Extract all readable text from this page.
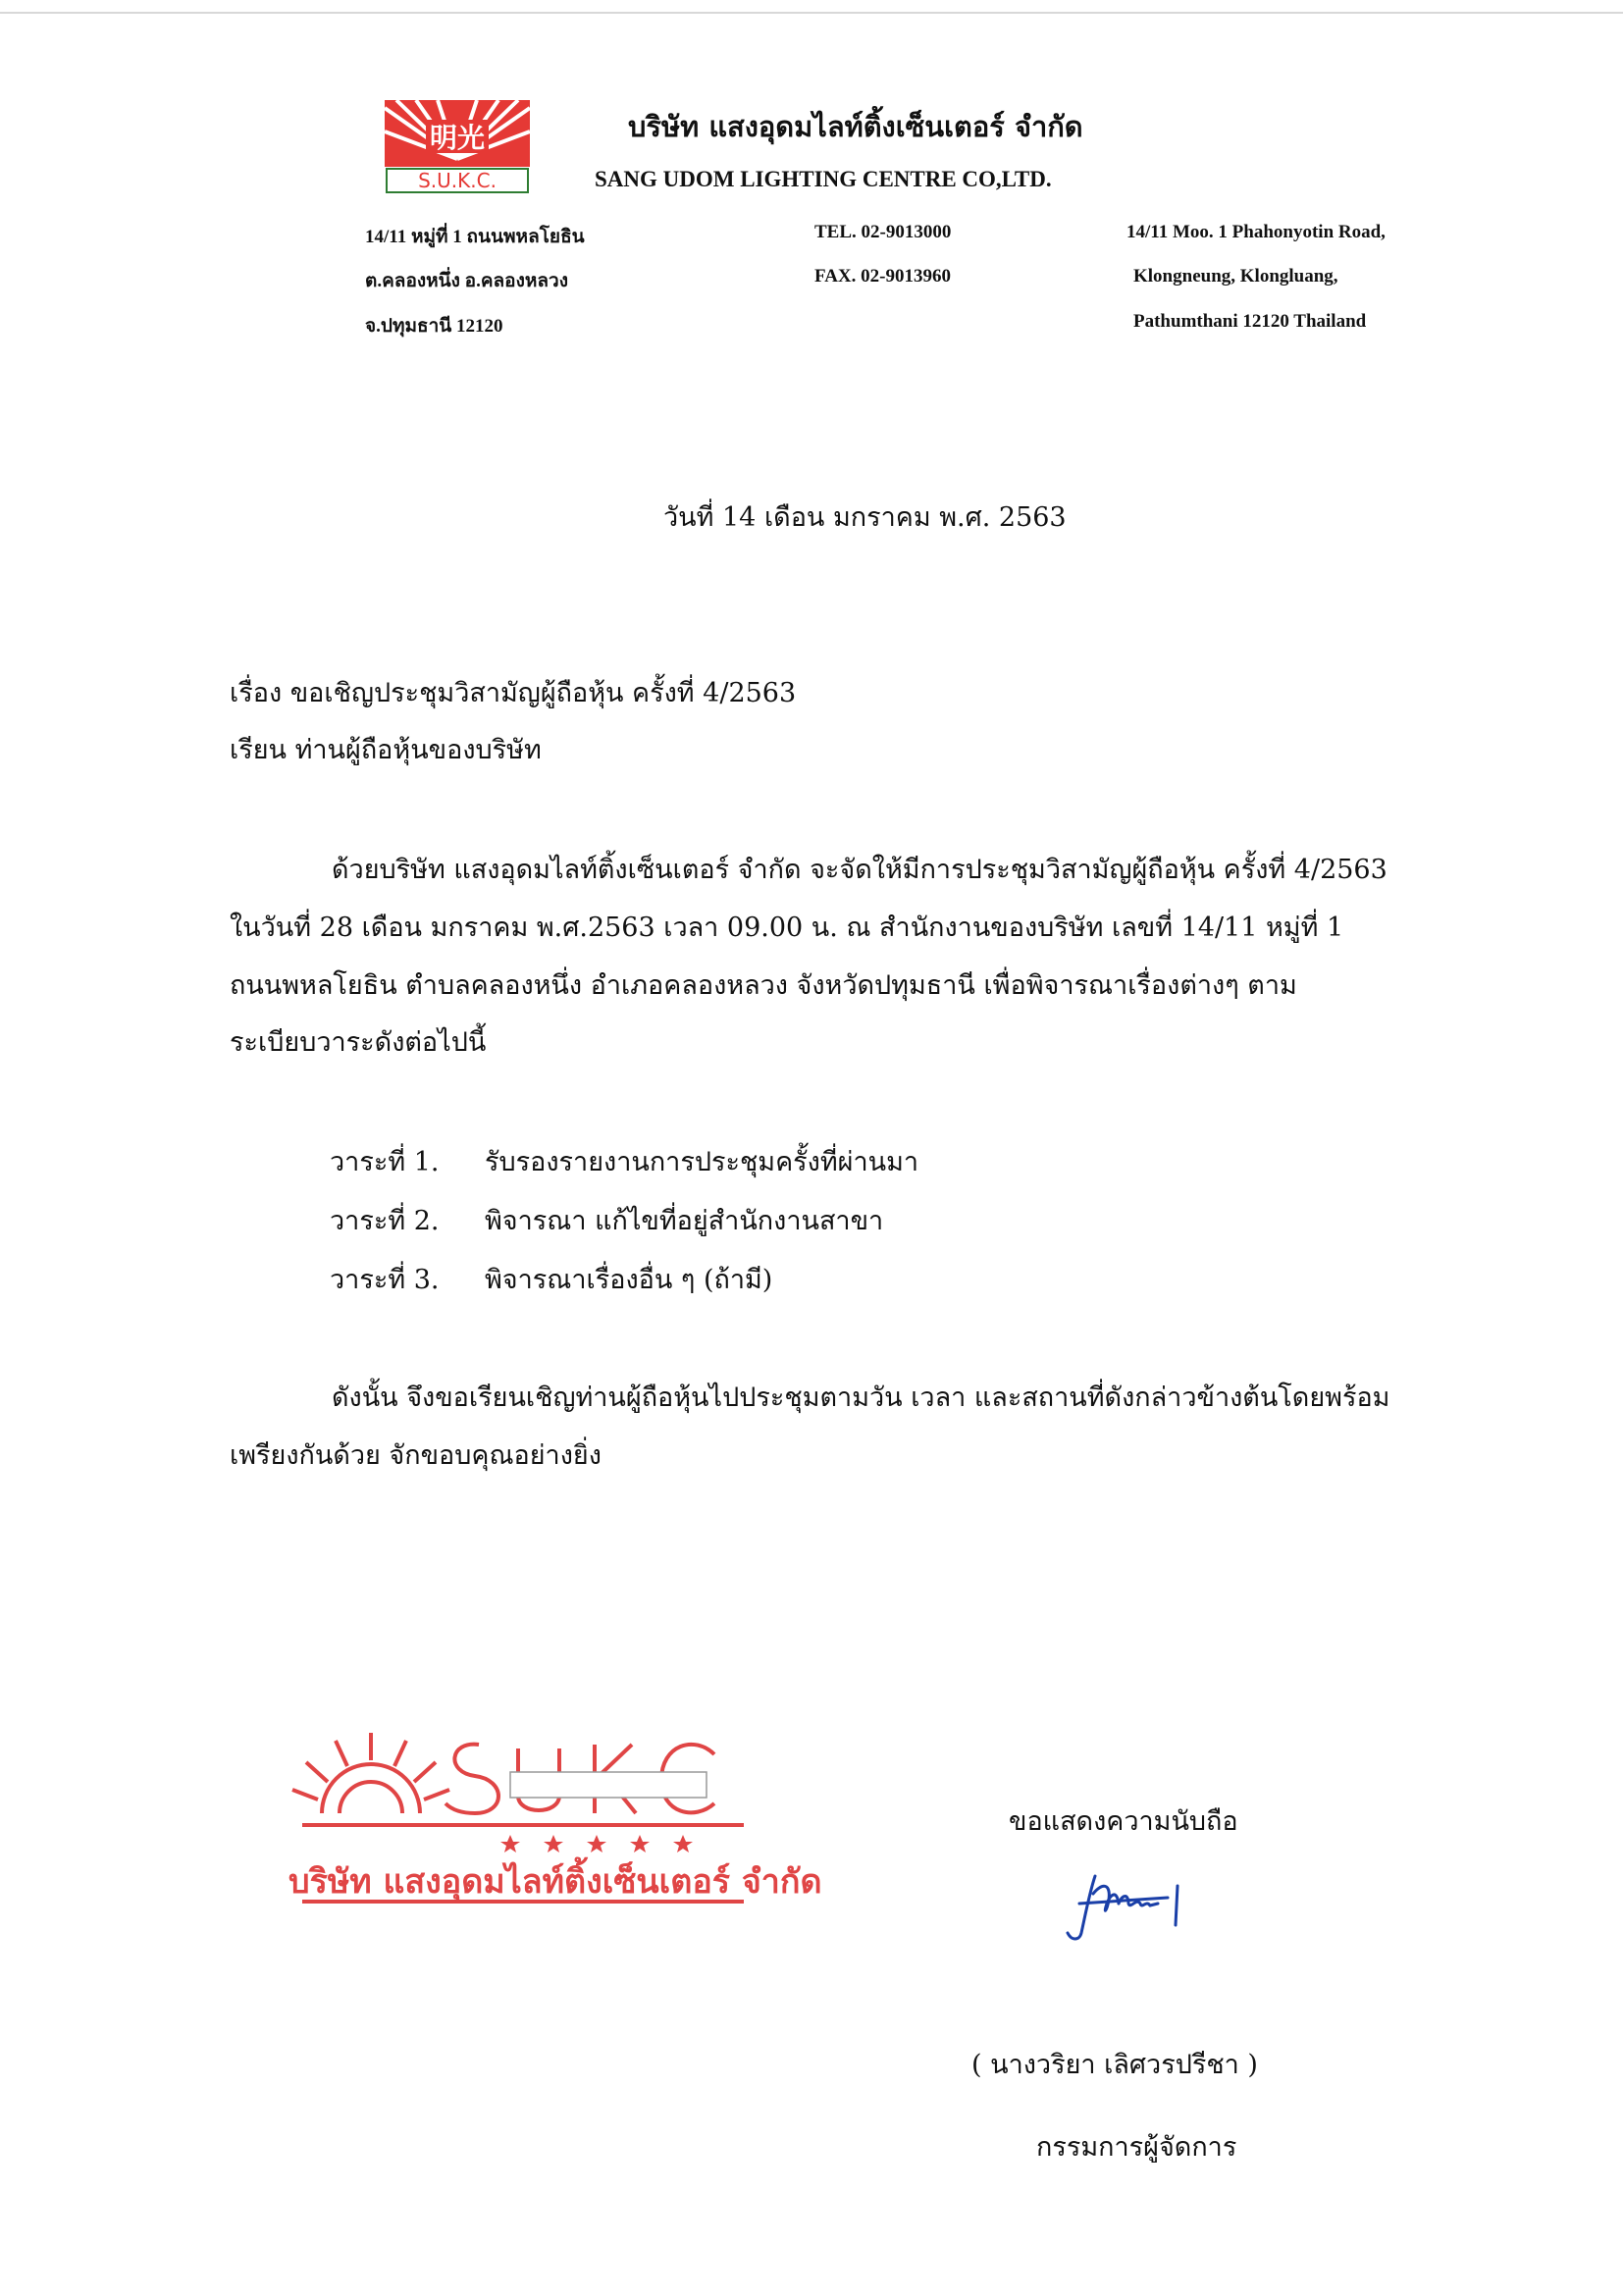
明光
S.U.K.C.
บริษัท แสงอุดมไลท์ติ้งเซ็นเตอร์ จำกัด
SANG UDOM LIGHTING CENTRE CO,LTD.
14/11 หมู่ที่ 1 ถนนพหลโยธิน
ต.คลองหนึ่ง อ.คลองหลวง
จ.ปทุมธานี 12120
TEL. 02-9013000
FAX. 02-9013960
14/11 Moo. 1 Phahonyotin Road,
Klongneung, Klongluang,
Pathumthani 12120 Thailand
วันที่ 14 เดือน มกราคม พ.ศ. 2563
เรื่อง ขอเชิญประชุมวิสามัญผู้ถือหุ้น ครั้งที่ 4/2563
เรียน ท่านผู้ถือหุ้นของบริษัท
ด้วยบริษัท แสงอุดมไลท์ติ้งเซ็นเตอร์ จำกัด จะจัดให้มีการประชุมวิสามัญผู้ถือหุ้น ครั้งที่ 4/2563
ในวันที่ 28 เดือน มกราคม พ.ศ.2563 เวลา 09.00 น. ณ สำนักงานของบริษัท เลขที่ 14/11 หมู่ที่ 1
ถนนพหลโยธิน ตำบลคลองหนึ่ง อำเภอคลองหลวง จังหวัดปทุมธานี เพื่อพิจารณาเรื่องต่างๆ ตาม
ระเบียบวาระดังต่อไปนี้
วาระที่ 1. รับรองรายงานการประชุมครั้งที่ผ่านมา
วาระที่ 2. พิจารณา แก้ไขที่อยู่สำนักงานสาขา
วาระที่ 3. พิจารณาเรื่องอื่น ๆ (ถ้ามี)
ดังนั้น จึงขอเรียนเชิญท่านผู้ถือหุ้นไปประชุมตามวัน เวลา และสถานที่ดังกล่าวข้างต้นโดยพร้อม
เพรียงกันด้วย จักขอบคุณอย่างยิ่ง
ขอแสดงความนับถือ
( นางวริยา เลิศวรปรีชา )
กรรมการผู้จัดการ
บริษัท แสงอุดมไลท์ติ้งเซ็นเตอร์ จำกัด
